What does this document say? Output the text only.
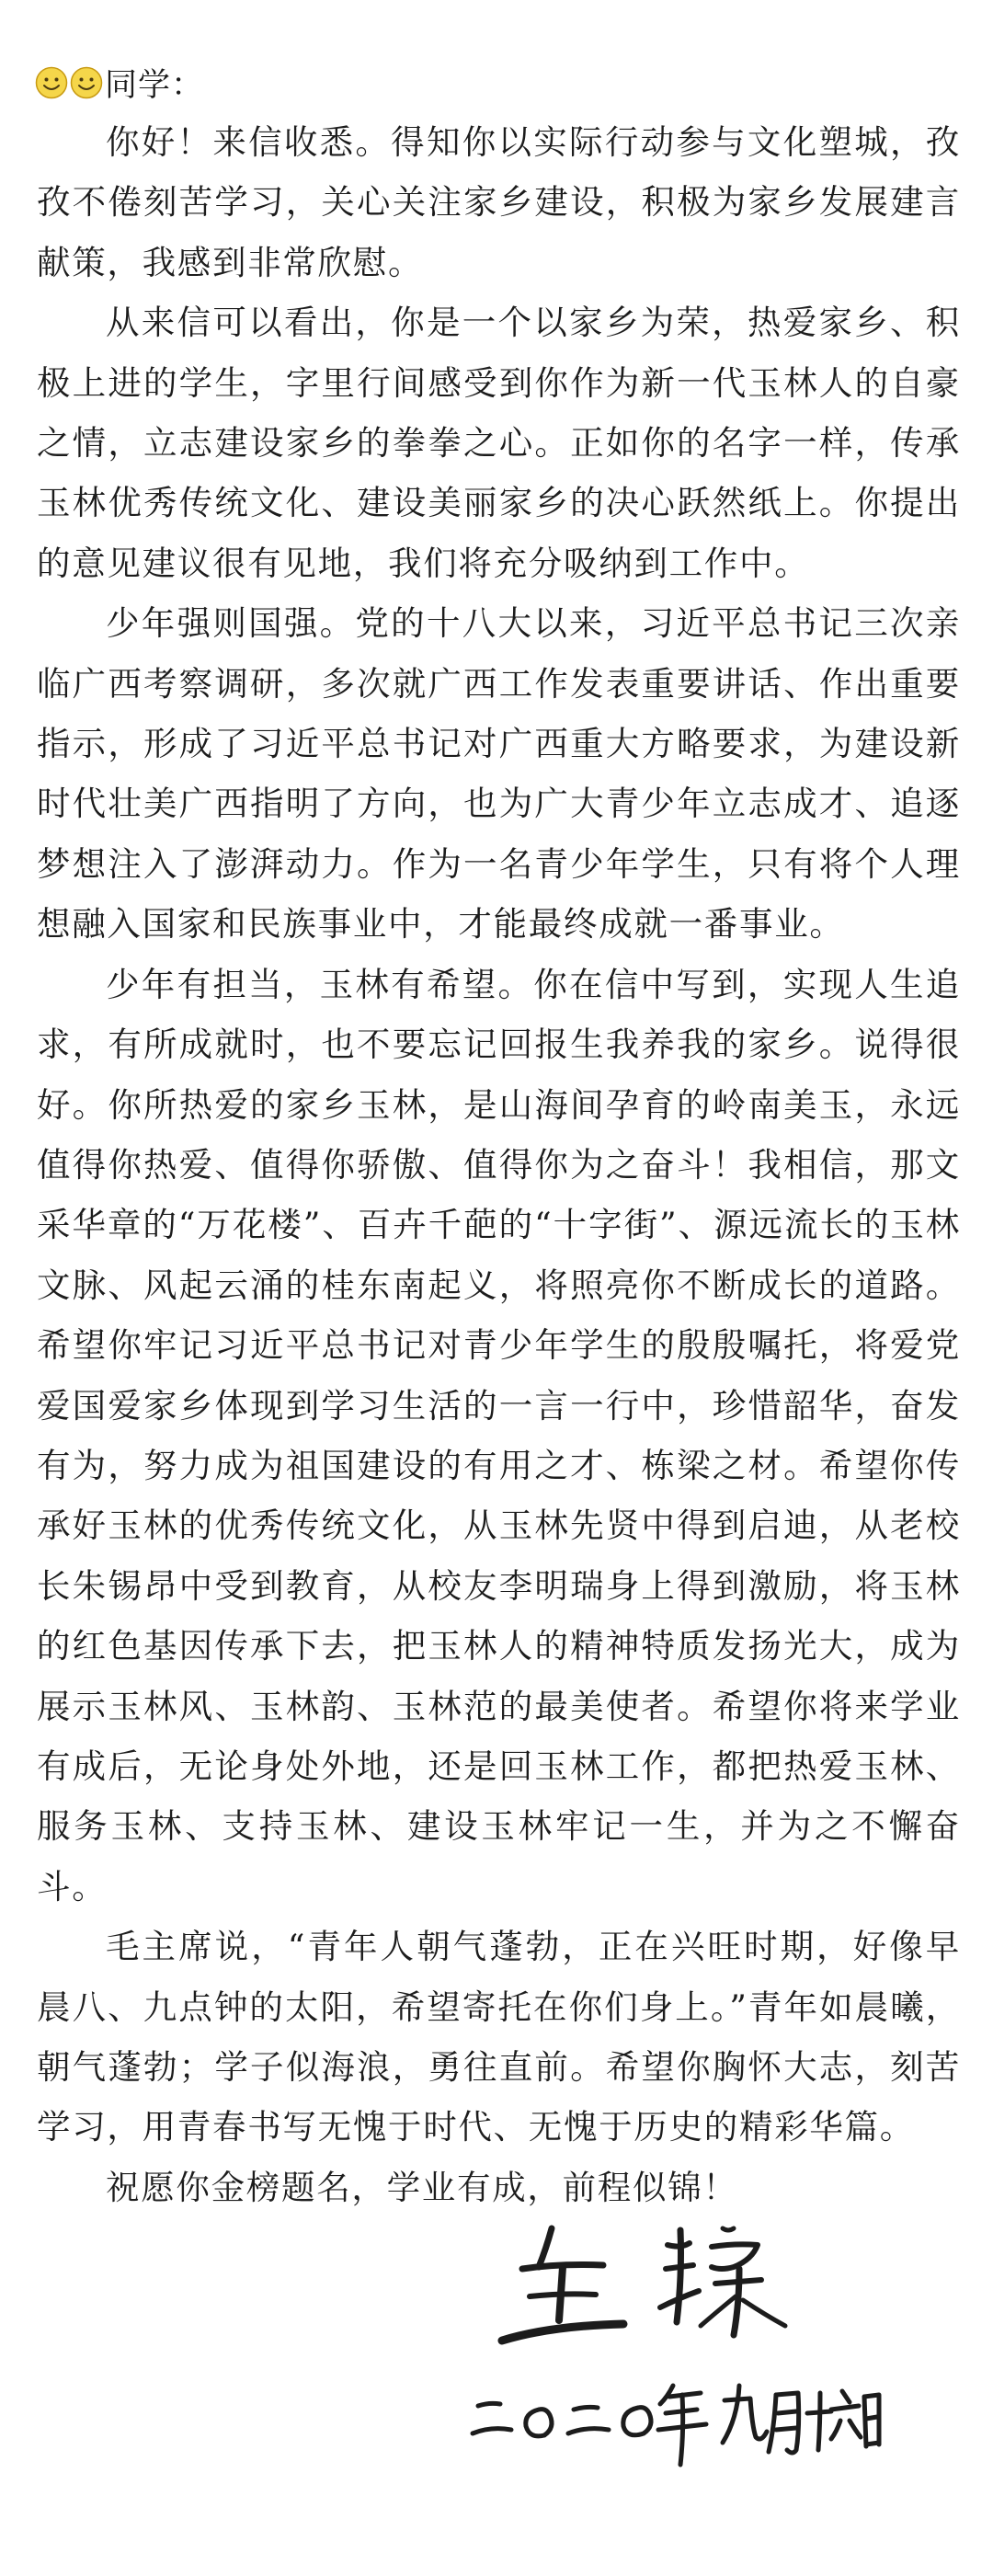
同学：

你好！来信收悉。得知你以实际行动参与文化塑城，孜孜不倦刻苦学习，关心关注家乡建设，积极为家乡发展建言献策，我感到非常欣慰。

从来信可以看出，你是一个以家乡为荣，热爱家乡、积极上进的学生，字里行间感受到你作为新一代玉林人的自豪之情，立志建设家乡的拳拳之心。正如你的名字一样，传承玉林优秀传统文化、建设美丽家乡的决心跃然纸上。你提出的意见建议很有见地，我们将充分吸纳到工作中。

少年强则国强。党的十八大以来，习近平总书记三次亲临广西考察调研，多次就广西工作发表重要讲话、作出重要指示，形成了习近平总书记对广西重大方略要求，为建设新时代壮美广西指明了方向，也为广大青少年立志成才、追逐梦想注入了澎湃动力。作为一名青少年学生，只有将个人理想融入国家和民族事业中，才能最终成就一番事业。

少年有担当，玉林有希望。你在信中写到，实现人生追求，有所成就时，也不要忘记回报生我养我的家乡。说得很好。你所热爱的家乡玉林，是山海间孕育的岭南美玉，永远值得你热爱、值得你骄傲、值得你为之奋斗！我相信，那文采华章的“万花楼”、百卉千葩的“十字街”、源远流长的玉林文脉、风起云涌的桂东南起义，将照亮你不断成长的道路。希望你牢记习近平总书记对青少年学生的殷殷嘱托，将爱党爱国爱家乡体现到学习生活的一言一行中，珍惜韶华，奋发有为，努力成为祖国建设的有用之才、栋梁之材。希望你传承好玉林的优秀传统文化，从玉林先贤中得到启迪，从老校长朱锡昂中受到教育，从校友李明瑞身上得到激励，将玉林的红色基因传承下去，把玉林人的精神特质发扬光大，成为展示玉林风、玉林韵、玉林范的最美使者。希望你将来学业有成后，无论身处外地，还是回玉林工作，都把热爱玉林、服务玉林、支持玉林、建设玉林牢记一生，并为之不懈奋斗。

毛主席说，“青年人朝气蓬勃，正在兴旺时期，好像早晨八、九点钟的太阳，希望寄托在你们身上。”青年如晨曦，朝气蓬勃；学子似海浪，勇往直前。希望你胸怀大志，刻苦学习，用青春书写无愧于时代、无愧于历史的精彩华篇。

祝愿你金榜题名，学业有成，前程似锦！
